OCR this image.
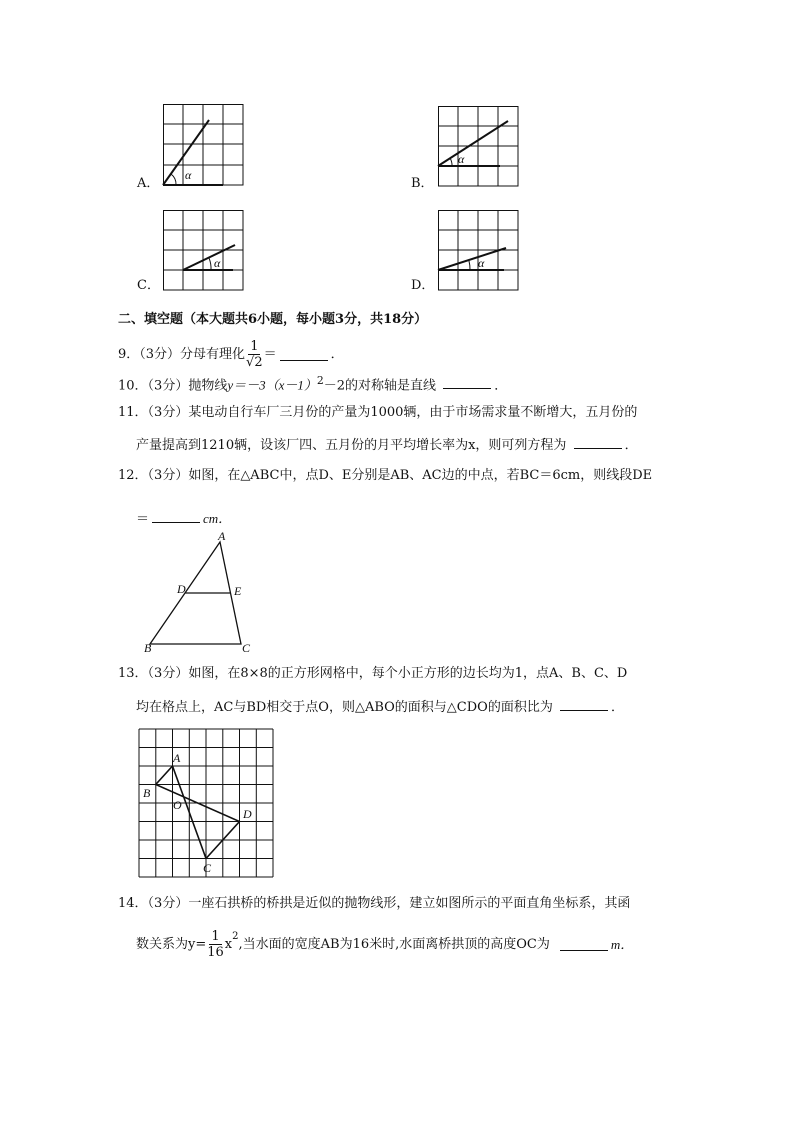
α
A．
α
B．
α
C．
α
D．
二、填空题（本大题共6小题，每小题3分，共18分）
9．（3分）分母有理化 $\frac{1}{√2}$ ＝	．
10．（3分）抛物线$y=-3(x-1)^2-2$的对称轴是直线	．
11．（3分）某电动自行车厂三月份的产量为1000辆，由于市场需求量不断增大，五月份的
产量提高到1210辆，设该厂四、五月份的月平均增长率为x，则可列方程为	．
12．（3分）如图，在△ABC中，点D、E分别是AB、AC边的中点，若BC＝6cm，则线段DE
＝	cm．
A
D	E
B	C
13．（3分）如图，在8×8的正方形网格中，每个小正方形的边长均为1，点A、B、C、D
均在格点上，AC与BD相交于点O，则△ABO的面积与△CDO的面积比为	．
A
B
O
D
C
14．（3分）一座石拱桥的桥拱是近似的抛物线形，建立如图所示的平面直角坐标系，其函
数关系为$y= \frac{1}{16} x^2$ ,当水面的宽度AB为16米时,水面离桥拱顶的高度OC为	m．
